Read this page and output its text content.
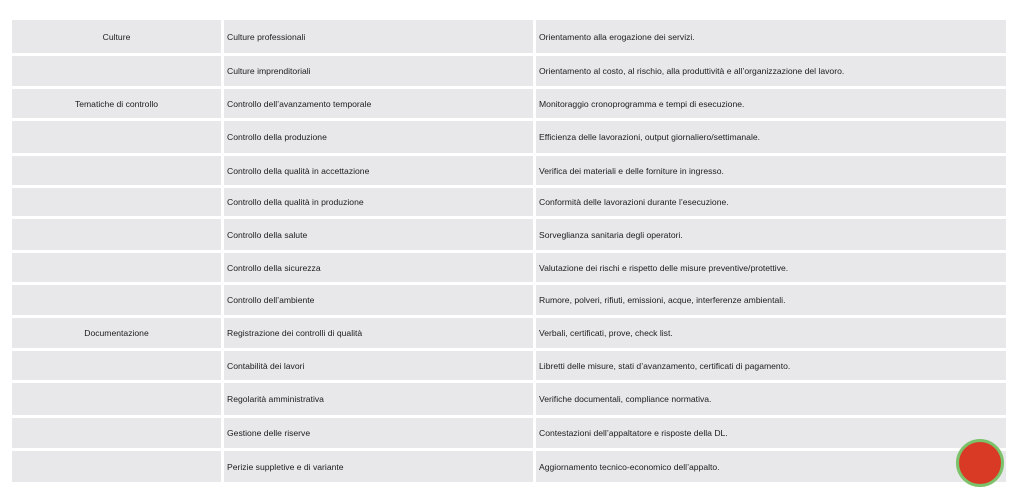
Culture	Culture professionali	Orientamento alla erogazione dei servizi.
	Culture imprenditoriali	Orientamento al costo, al rischio, alla produttività e all’organizzazione del lavoro.
Tematiche di controllo	Controllo dell’avanzamento temporale	Monitoraggio cronoprogramma e tempi di esecuzione.
	Controllo della produzione	Efficienza delle lavorazioni, output giornaliero/settimanale.
	Controllo della qualità in accettazione	Verifica dei materiali e delle forniture in ingresso.
	Controllo della qualità in produzione	Conformità delle lavorazioni durante l’esecuzione.
	Controllo della salute	Sorveglianza sanitaria degli operatori.
	Controllo della sicurezza	Valutazione dei rischi e rispetto delle misure preventive/protettive.
	Controllo dell’ambiente	Rumore, polveri, rifiuti, emissioni, acque, interferenze ambientali.
Documentazione	Registrazione dei controlli di qualità	Verbali, certificati, prove, check list.
	Contabilità dei lavori	Libretti delle misure, stati d’avanzamento, certificati di pagamento.
	Regolarità amministrativa	Verifiche documentali, compliance normativa.
	Gestione delle riserve	Contestazioni dell’appaltatore e risposte della DL.
	Perizie suppletive e di variante	Aggiornamento tecnico-economico dell’appalto.
